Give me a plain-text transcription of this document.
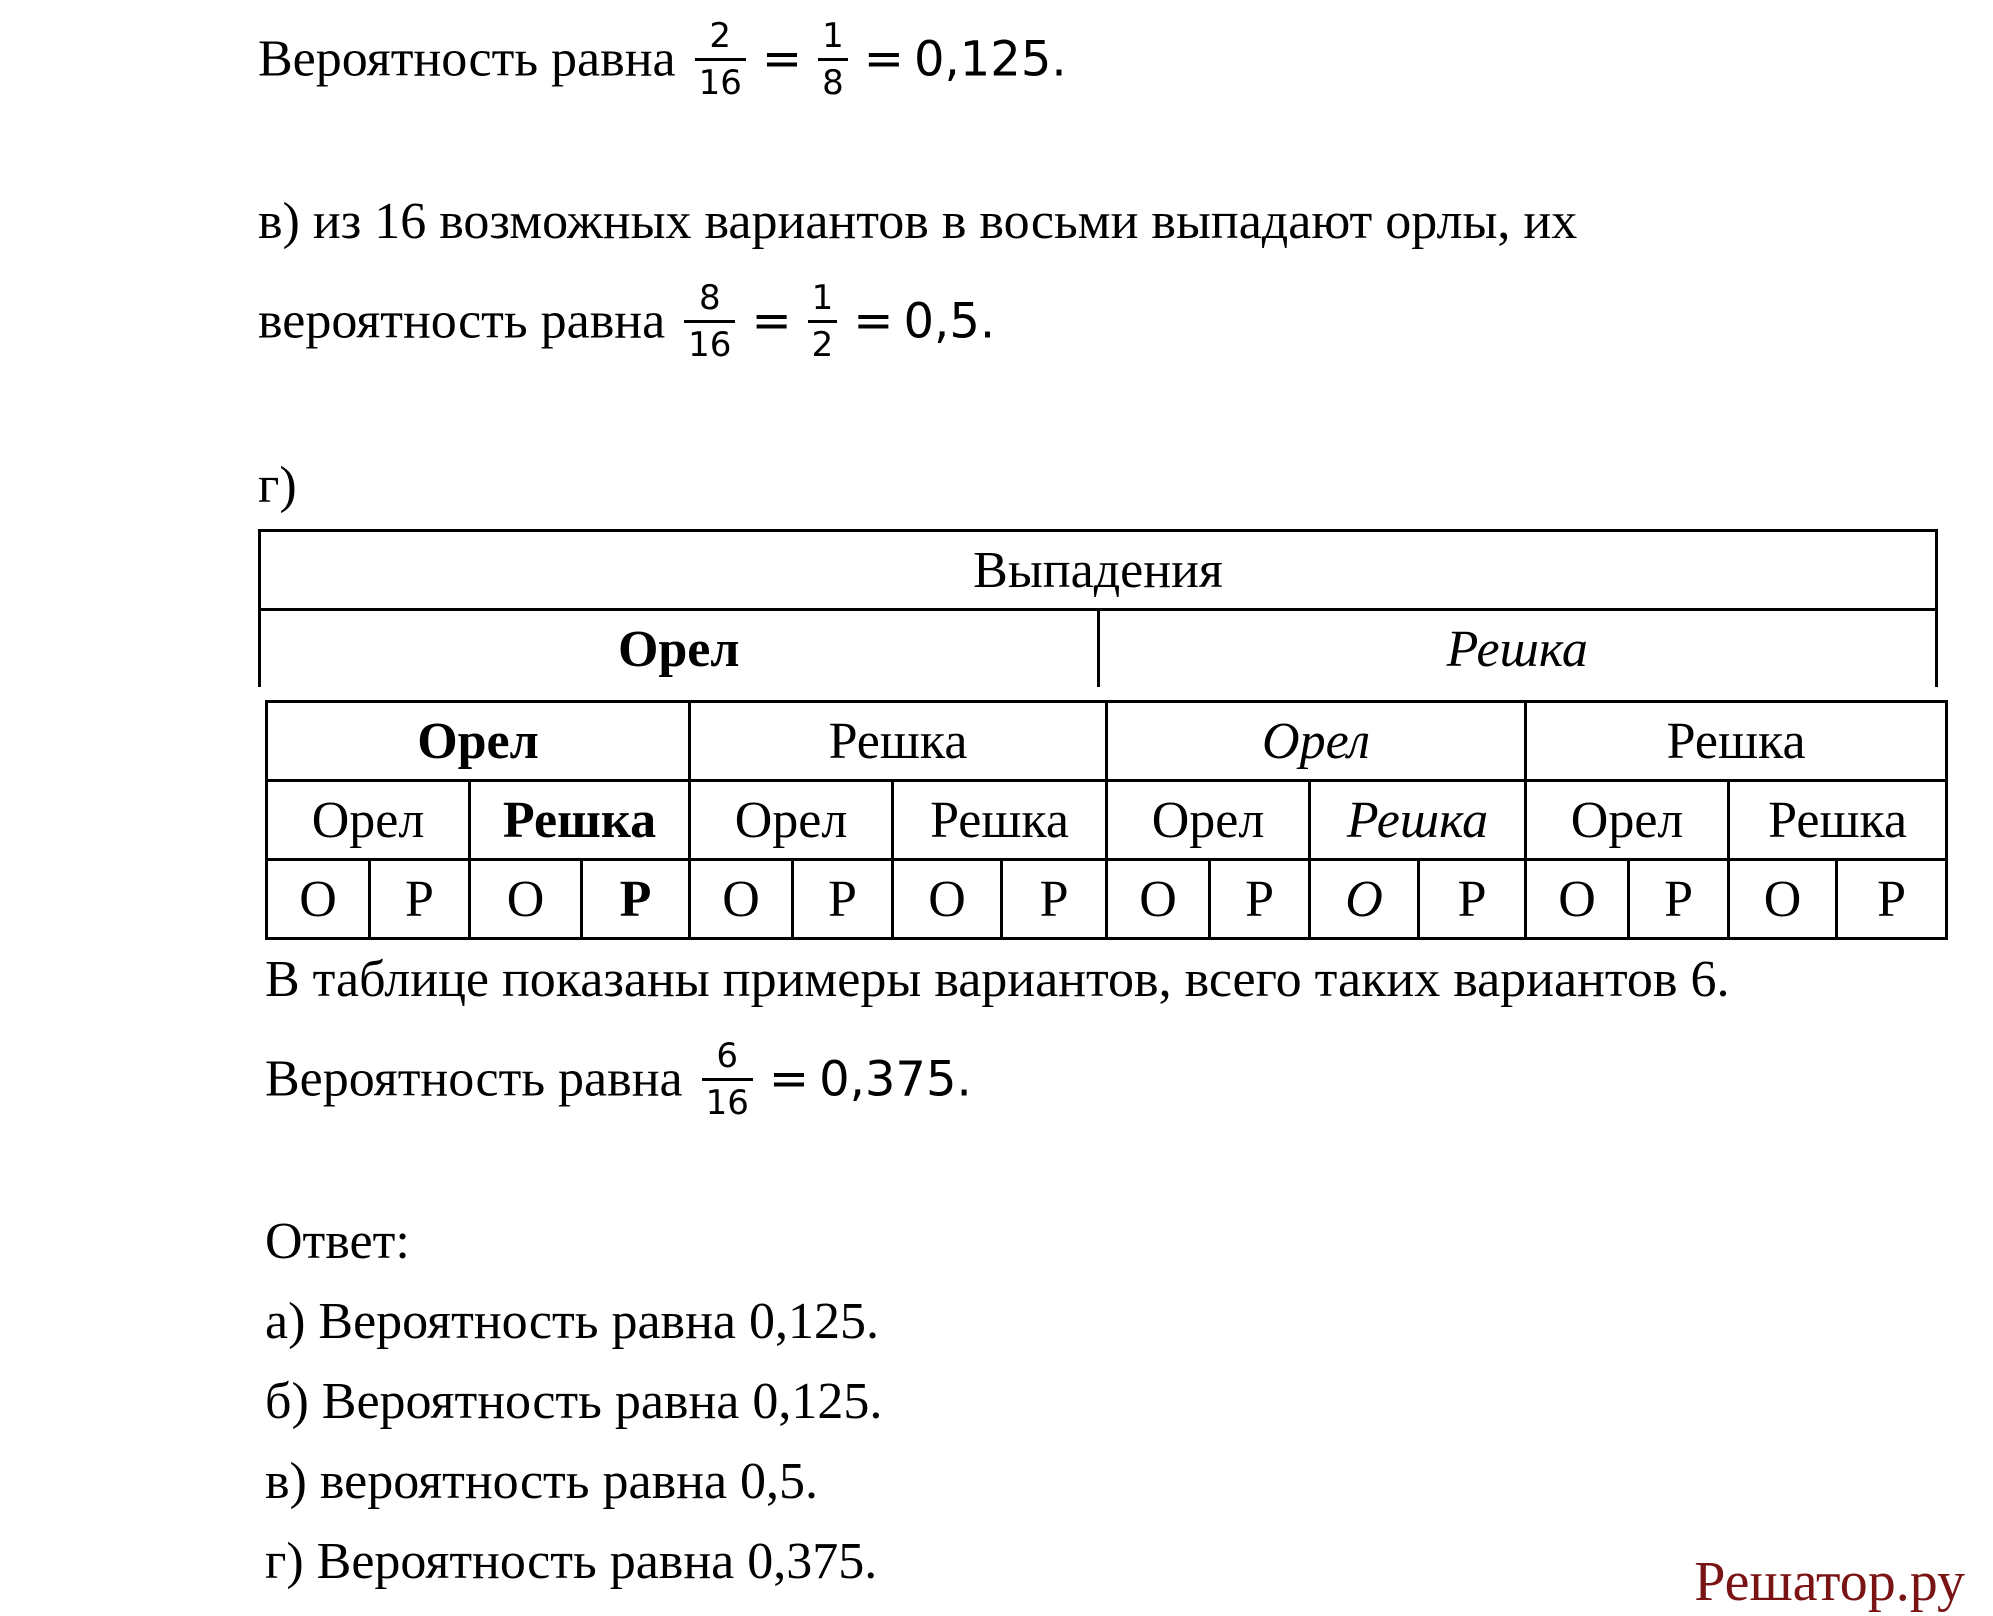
Вероятность равна $\frac{2}{16} = \frac{1}{8} = 0,125$.
в) из 16 возможных вариантов в восьми выпадают орлы, их
вероятность равна $\frac{8}{16} = \frac{1}{2} = 0,5$.
г)
Выпадения
Орел	Решка
Орел				Решка				Орел				Решка			
Орел		Решка		Орел		Решка		Орел		Решка		Орел		Решка	
О	Р	О	Р	О	Р	О	Р	О	Р	О	Р	О	Р	О	Р
В таблице показаны примеры вариантов, всего таких вариантов 6.
Вероятность равна $\frac{6}{16} = 0,375$.
Ответ:
а) Вероятность равна 0,125.
б) Вероятность равна 0,125.
в) вероятность равна 0,5.
г) Вероятность равна 0,375.	Решатор.ру
